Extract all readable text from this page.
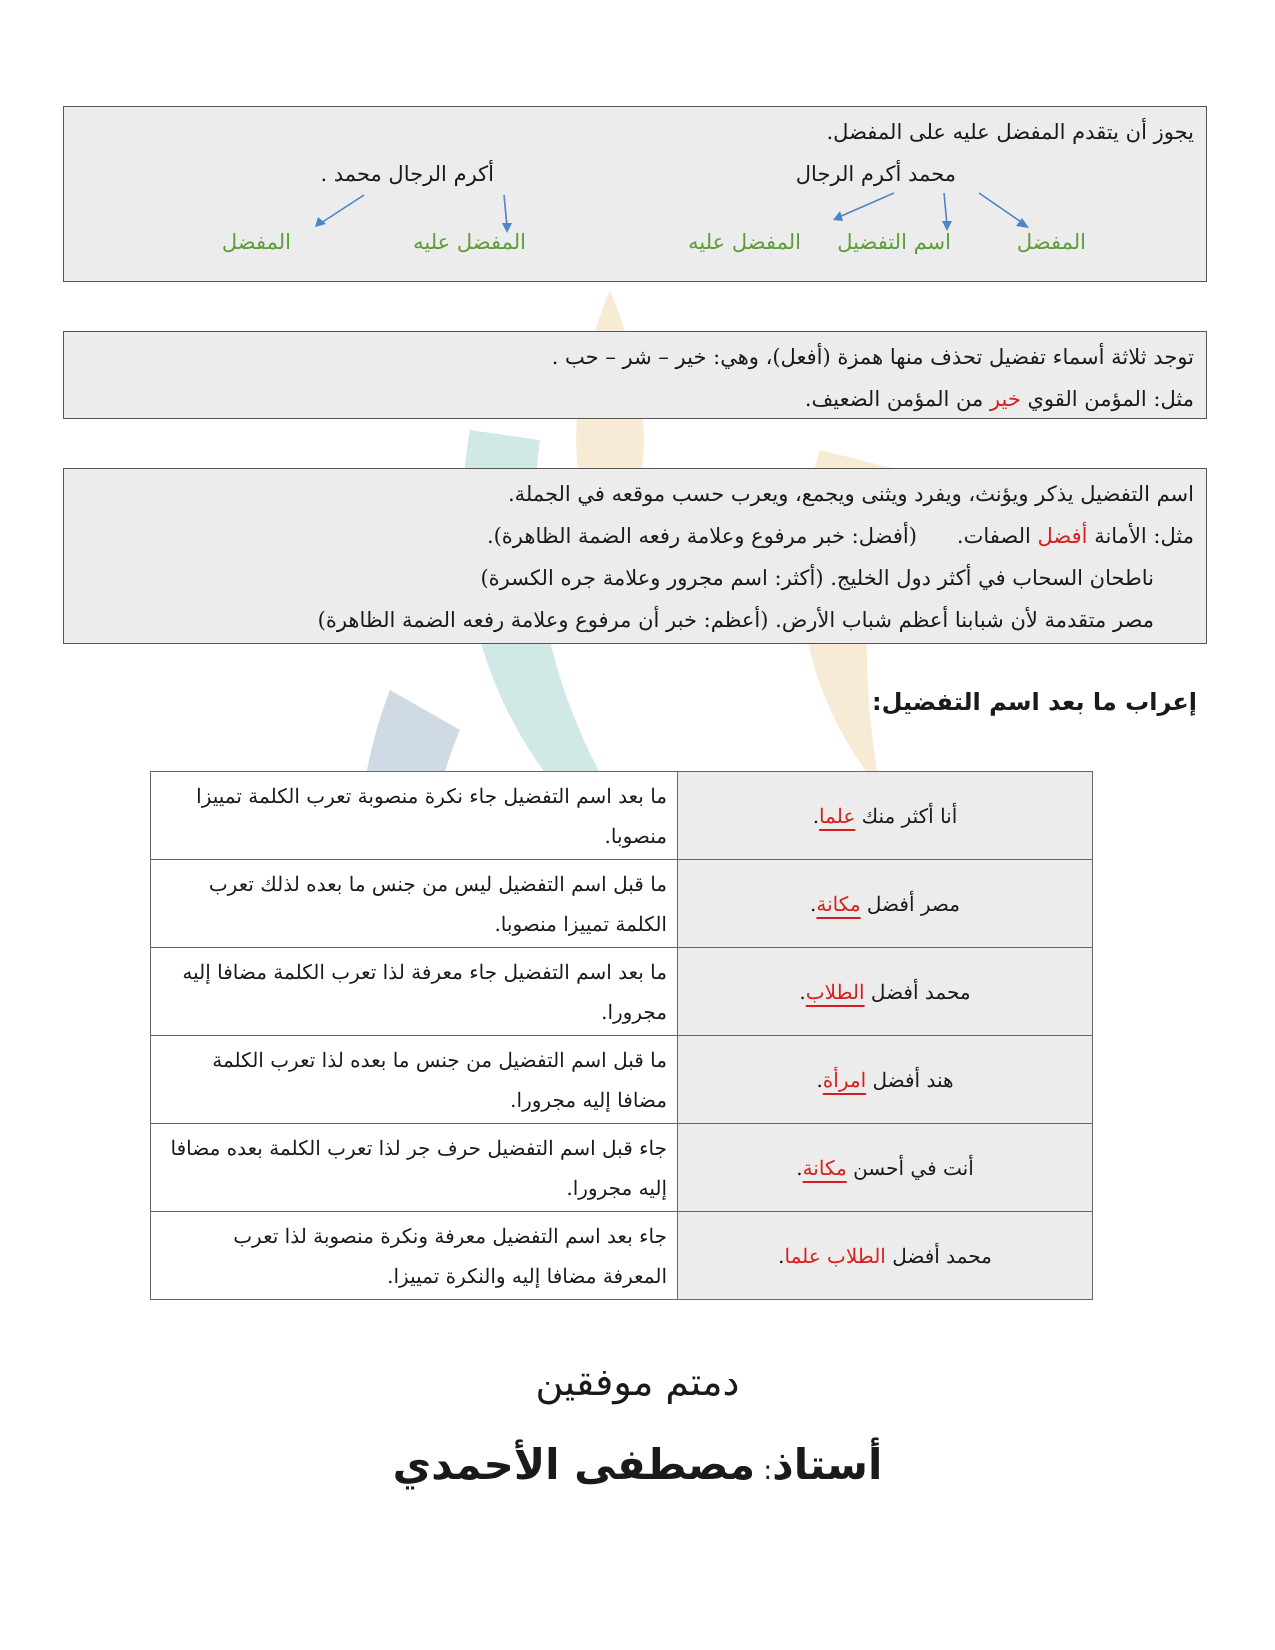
يجوز أن يتقدم المفضل عليه على المفضل.
محمد أكرم الرجال
أكرم الرجال محمد .
المفضل
اسم التفضيل
المفضل عليه
المفضل عليه
المفضل
توجد ثلاثة أسماء تفضيل تحذف منها همزة (أفعل)، وهي: خير – شر – حب .
مثل: المؤمن القوي خير من المؤمن الضعيف.
اسم التفضيل يذكر ويؤنث، ويفرد ويثنى ويجمع، ويعرب حسب موقعه في الجملة.
مثل: الأمانة أفضل الصفات.(أفضل: خبر مرفوع وعلامة رفعه الضمة الظاهرة).
ناطحان السحاب في أكثر دول الخليج. (أكثر: اسم مجرور وعلامة جره الكسرة)
مصر متقدمة لأن شبابنا أعظم شباب الأرض. (أعظم: خبر أن مرفوع وعلامة رفعه الضمة الظاهرة)
إعراب ما بعد اسم التفضيل:
أنا أكثر منك علما.	ما بعد اسم التفضيل جاء نكرة منصوبة تعرب الكلمة تمييزا منصوبا.
مصر أفضل مكانة.	ما قبل اسم التفضيل ليس من جنس ما بعده لذلك تعرب الكلمة تمييزا منصوبا.
محمد أفضل الطلاب.	ما بعد اسم التفضيل جاء معرفة لذا تعرب الكلمة مضافا إليه مجرورا.
هند أفضل امرأة.	ما قبل اسم التفضيل من جنس ما بعده لذا تعرب الكلمة مضافا إليه مجرورا.
أنت في أحسن مكانة.	جاء قبل اسم التفضيل حرف جر لذا تعرب الكلمة بعده مضافا إليه مجرورا.
محمد أفضل الطلاب علما.	جاء بعد اسم التفضيل معرفة ونكرة منصوبة لذا تعرب المعرفة مضافا إليه والنكرة تمييزا.
دمتم موفقين
أستاذ: مصطفى الأحمدي
